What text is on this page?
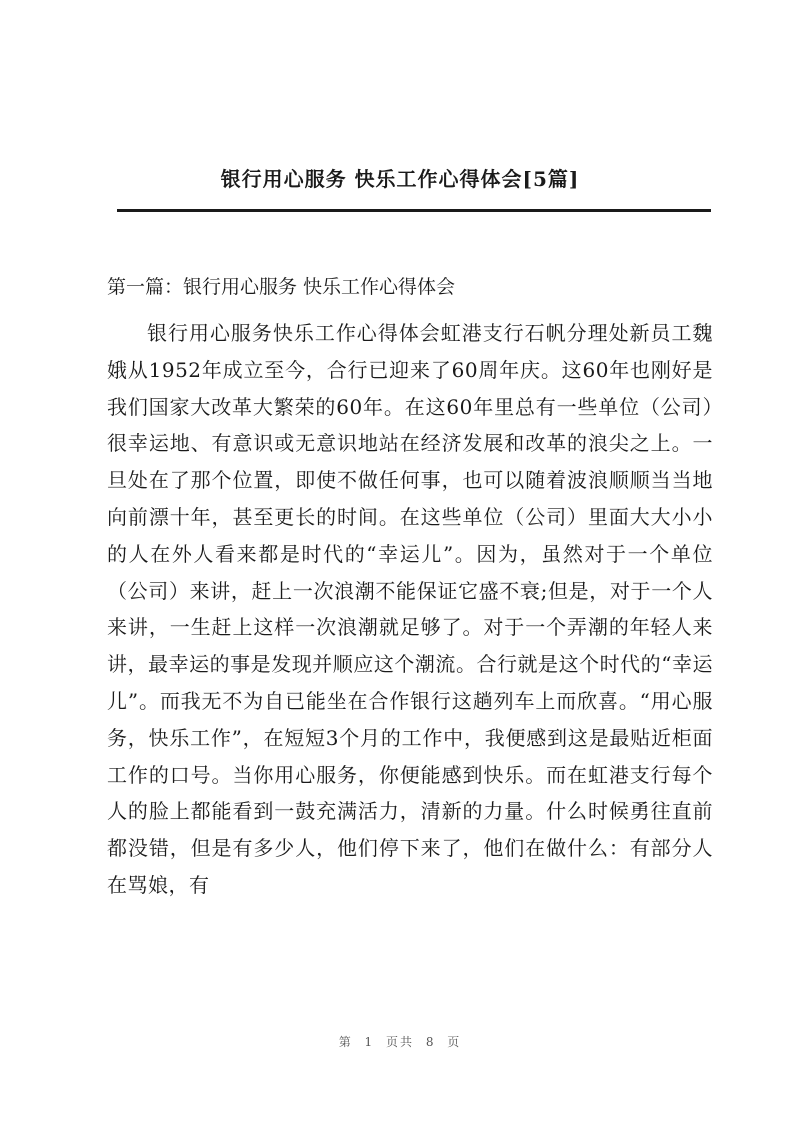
银行用心服务 快乐工作心得体会[5篇]
第一篇：银行用心服务 快乐工作心得体会

银行用心服务快乐工作心得体会虹港支行石帆分理处新员工魏娥从1952年成立至今，合行已迎来了60周年庆。这60年也刚好是我们国家大改革大繁荣的60年。在这60年里总有一些单位（公司）很幸运地、有意识或无意识地站在经济发展和改革的浪尖之上。一旦处在了那个位置，即使不做任何事，也可以随着波浪顺顺当当地向前漂十年，甚至更长的时间。在这些单位（公司）里面大大小小的人在外人看来都是时代的“幸运儿”。因为，虽然对于一个单位（公司）来讲，赶上一次浪潮不能保证它盛不衰;但是，对于一个人来讲，一生赶上这样一次浪潮就足够了。对于一个弄潮的年轻人来讲，最幸运的事是发现并顺应这个潮流。合行就是这个时代的“幸运儿”。而我无不为自已能坐在合作银行这趟列车上而欣喜。“用心服务，快乐工作”，在短短3个月的工作中，我便感到这是最贴近柜面工作的口号。当你用心服务，你便能感到快乐。而在虹港支行每个人的脸上都能看到一鼓充满活力，清新的力量。什么时候勇往直前都没错，但是有多少人，他们停下来了，他们在做什么：有部分人在骂娘，有

第 1 页共 8 页
